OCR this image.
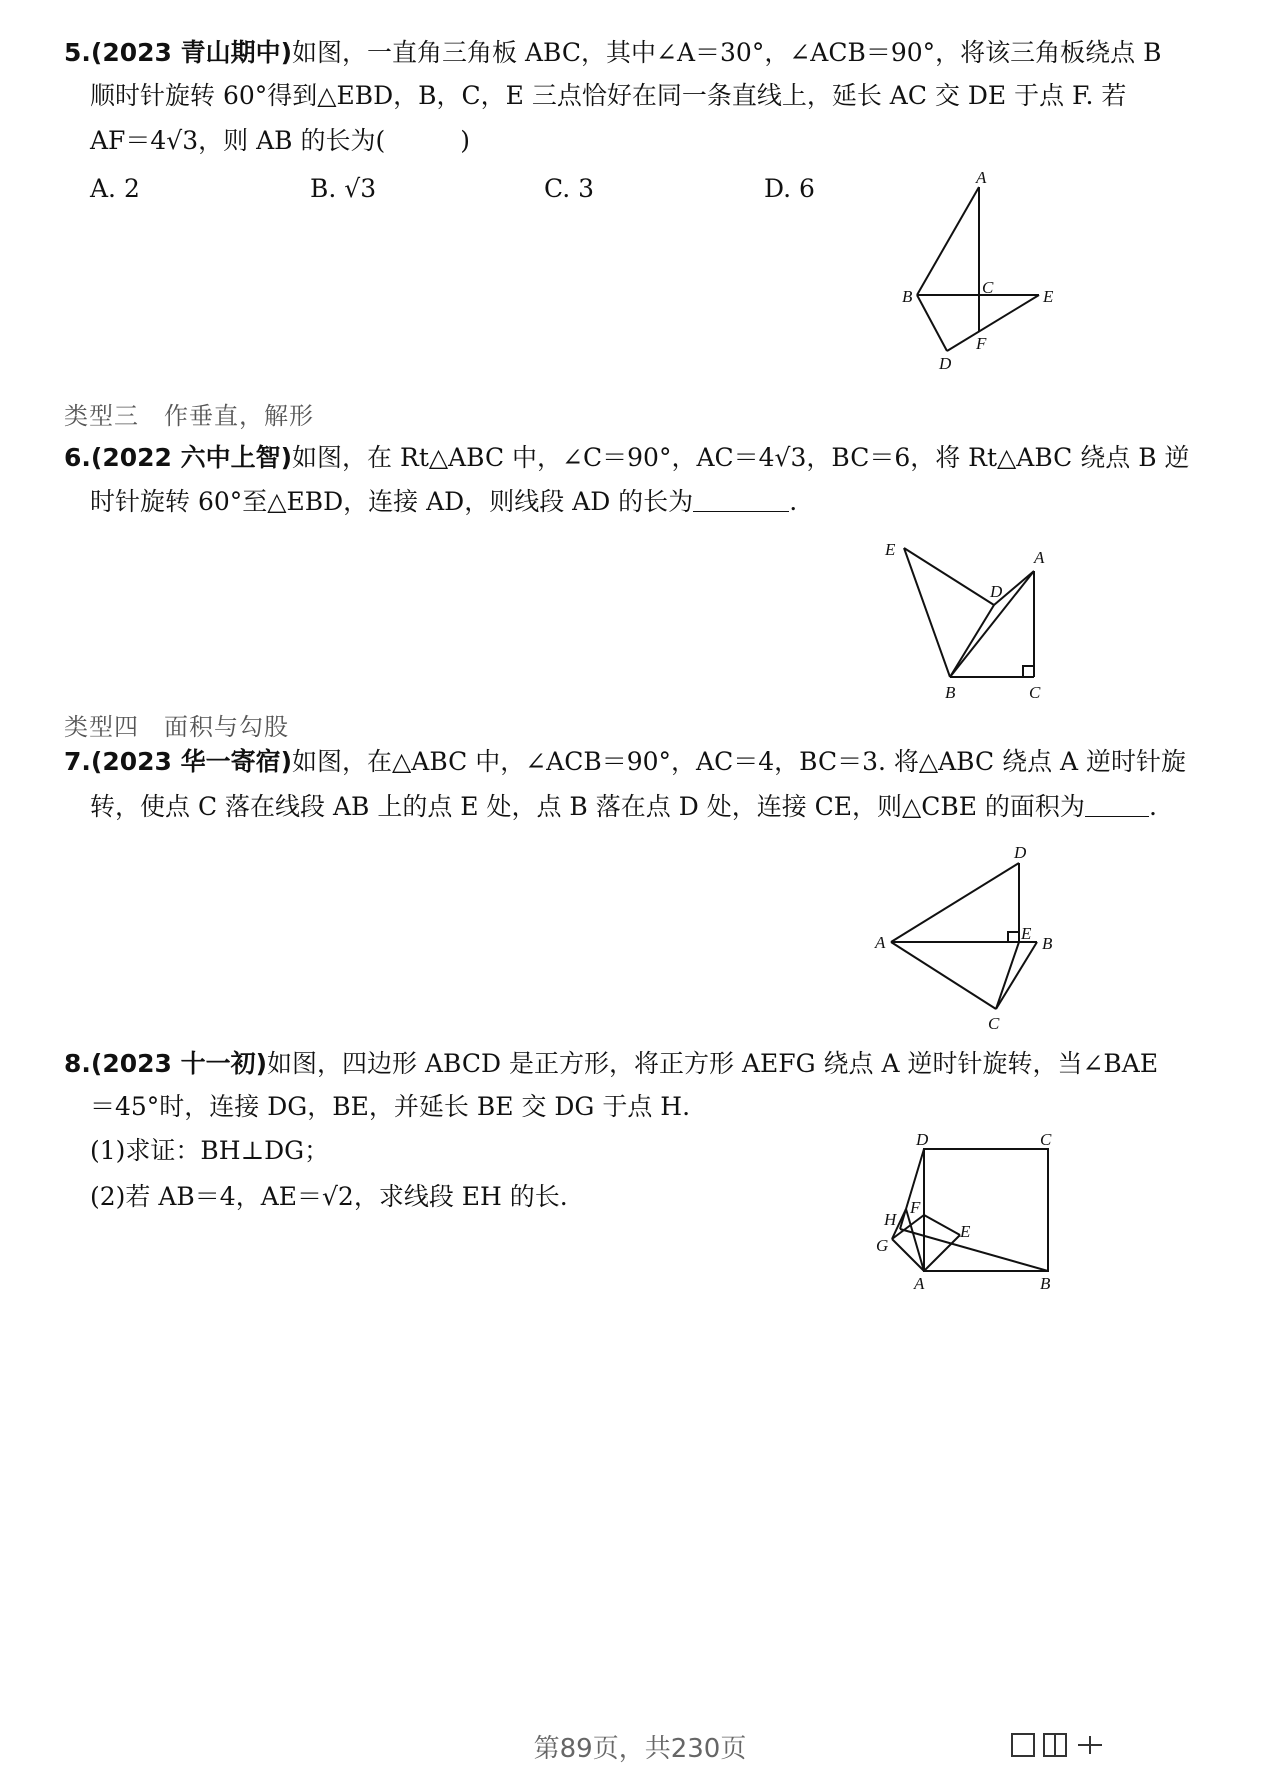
5.(2023 青山期中)如图，一直角三角板 ABC，其中∠A＝30°，∠ACB＝90°，将该三角板绕点 B
顺时针旋转 60°得到△EBD，B，C，E 三点恰好在同一条直线上，延长 AC 交 DE 于点 F. 若
AF＝4√3，则 AB 的长为(　　　)
A. 2	B. √3	C. 3	D. 6	A
B	C	E
F
D
类型三　作垂直，解形
6.(2022 六中上智)如图，在 Rt△ABC 中，∠C＝90°，AC＝4√3，BC＝6，将 Rt△ABC 绕点 B 逆
时针旋转 60°至△EBD，连接 AD，则线段 AD 的长为	.
E	A
D
B	C
类型四　面积与勾股
7.(2023 华一寄宿)如图，在△ABC 中，∠ACB＝90°，AC＝4，BC＝3. 将△ABC 绕点 A 逆时针旋
转，使点 C 落在线段 AB 上的点 E 处，点 B 落在点 D 处，连接 CE，则△CBE 的面积为	.
D
A	E
B
C
8.(2023 十一初)如图，四边形 ABCD 是正方形，将正方形 AEFG 绕点 A 逆时针旋转，当∠BAE
＝45°时，连接 DG，BE，并延长 BE 交 DG 于点 H.
(1)求证：BH⊥DG；
(2)若 AB＝4，AE＝√2，求线段 EH 的长.
D	C
F
H
E
G
A	B
第89页，共230页
